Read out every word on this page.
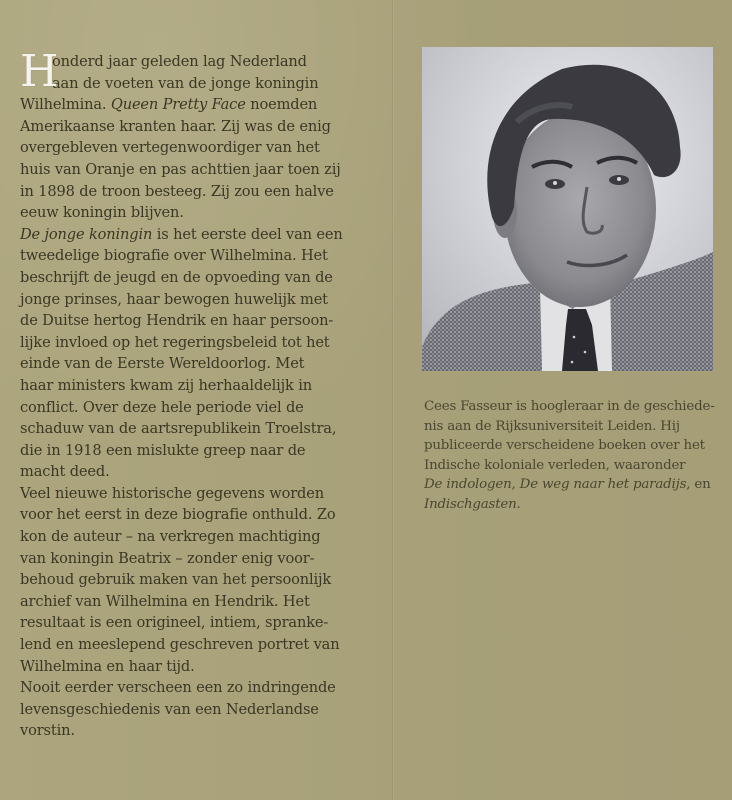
H

onderd jaar geleden lag Nederland
aan de voeten van de jonge koningin
Wilhelmina. Queen Pretty Face noemden
Amerikaanse kranten haar. Zij was de enig
overgebleven vertegenwoordiger van het
huis van Oranje en pas achttien jaar toen zij
in 1898 de troon besteeg. Zij zou een halve
eeuw koningin blijven.

De jonge koningin is het eerste deel van een
tweedelige biografie over Wilhelmina. Het
beschrijft de jeugd en de opvoeding van de
jonge prinses, haar bewogen huwelijk met
de Duitse hertog Hendrik en haar persoon-
lijke invloed op het regeringsbeleid tot het
einde van de Eerste Wereldoorlog. Met
haar ministers kwam zij herhaaldelijk in
conflict. Over deze hele periode viel de
schaduw van de aartsrepublikein Troelstra,
die in 1918 een mislukte greep naar de
macht deed.

Veel nieuwe historische gegevens worden
voor het eerst in deze biografie onthuld. Zo
kon de auteur – na verkregen machtiging
van koningin Beatrix – zonder enig voor-
behoud gebruik maken van het persoonlijk
archief van Wilhelmina en Hendrik. Het
resultaat is een origineel, intiem, spranke-
lend en meeslepend geschreven portret van
Wilhelmina en haar tijd.

Nooit eerder verscheen een zo indringende
levensgeschiedenis van een Nederlandse
vorstin.

Cees Fasseur is hoogleraar in de geschiede-
nis aan de Rijksuniversiteit Leiden. Hij
publiceerde verscheidene boeken over het
Indische koloniale verleden, waaronder
De indologen, De weg naar het paradijs, en
Indischgasten.
